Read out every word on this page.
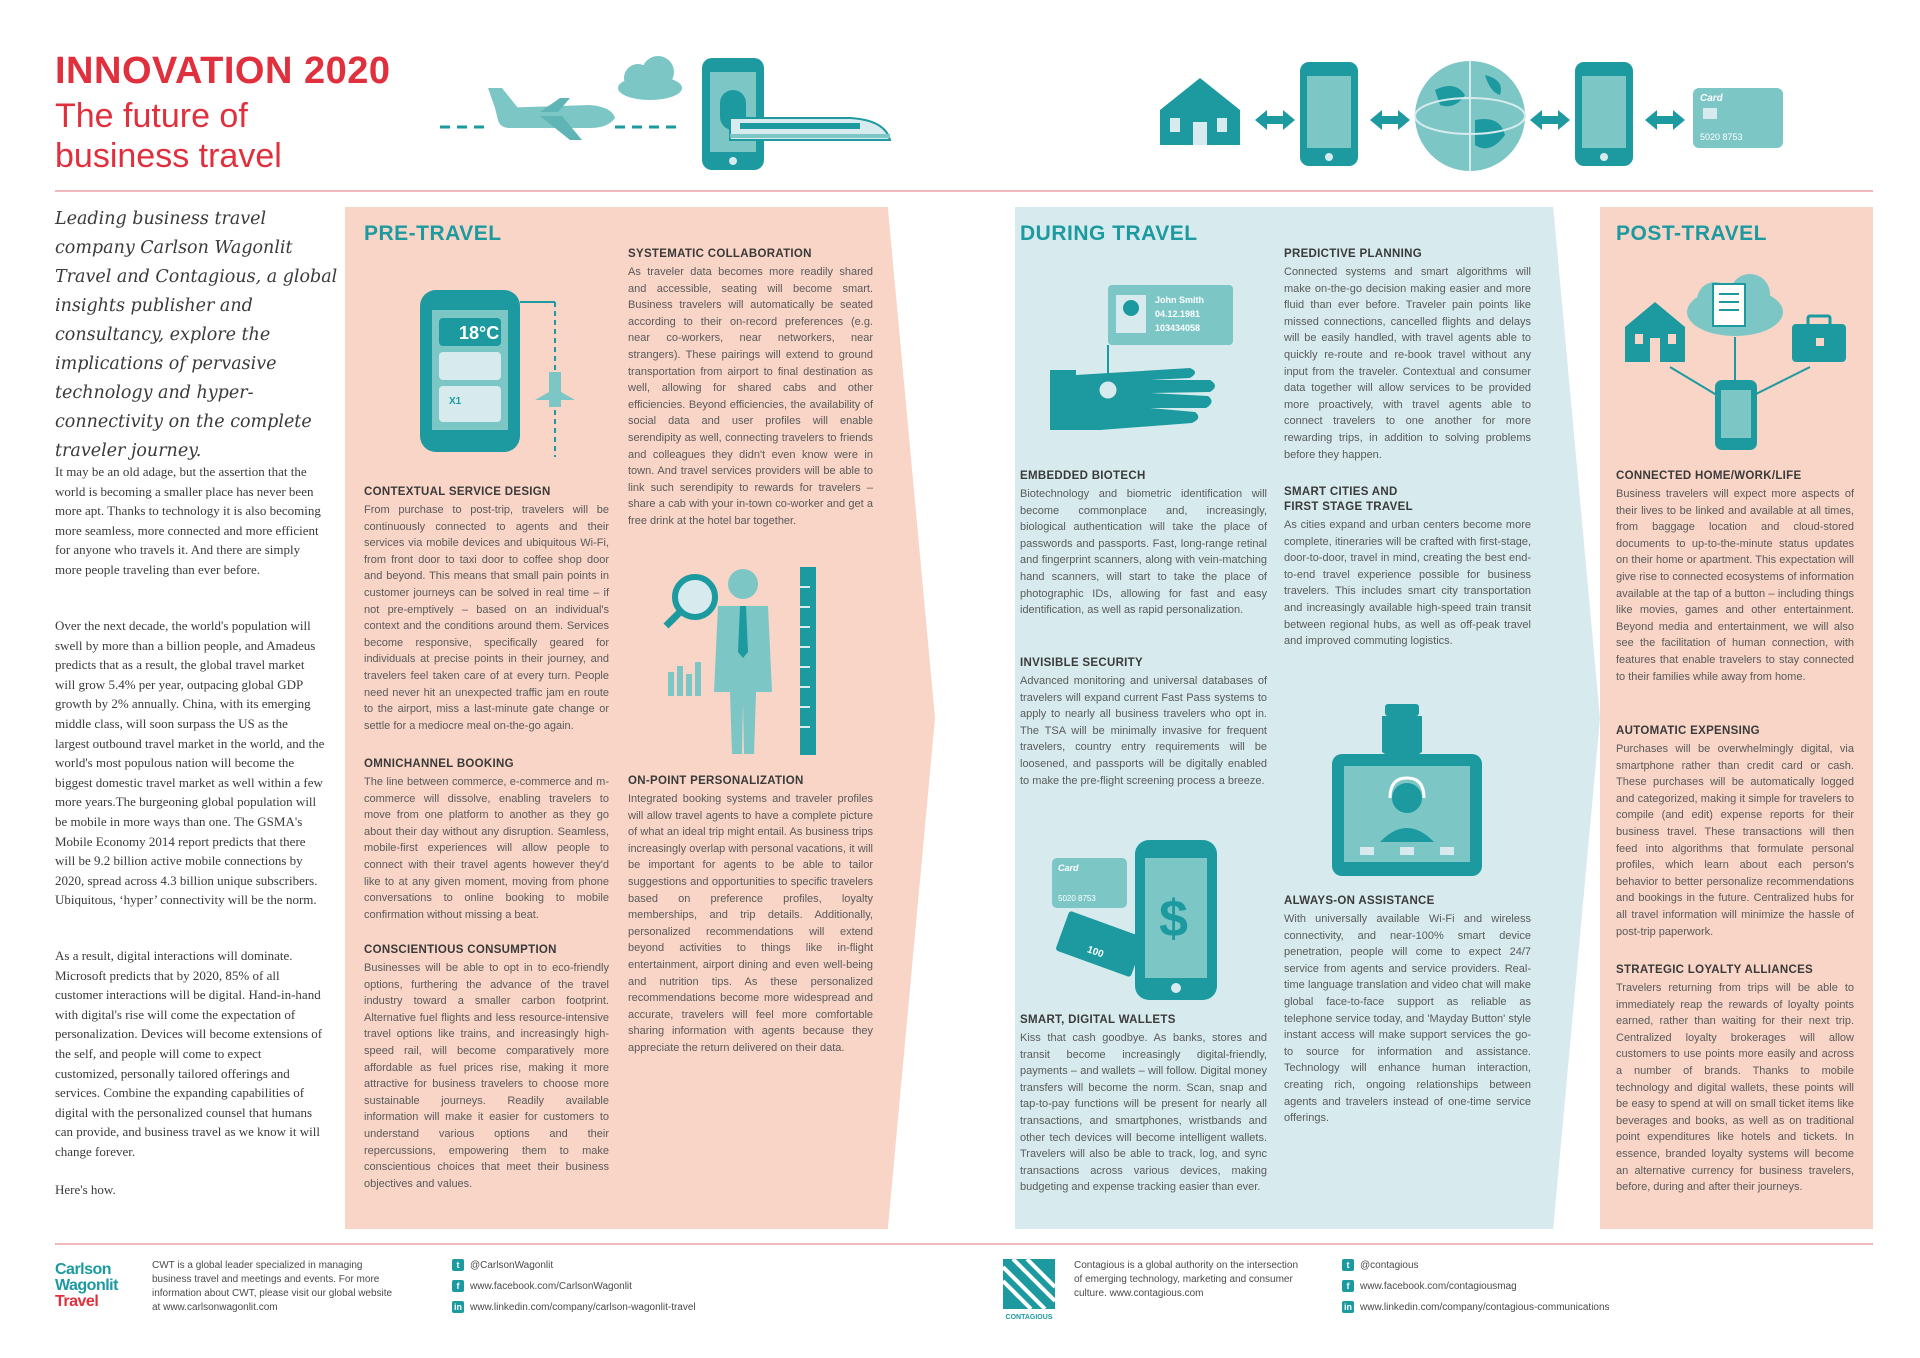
INNOVATION 2020
The future of business travel
Card
5020 8753
Leading business travel company Carlson Wagonlit Travel and Contagious, a global insights publisher and consultancy, explore the implications of pervasive technology and hyper-connectivity on the complete traveler journey.
It may be an old adage, but the assertion that the world is becoming a smaller place has never been more apt. Thanks to technology it is also becoming more seamless, more connected and more efficient for anyone who travels it. And there are simply more people traveling than ever before.
Over the next decade, the world's population will swell by more than a billion people, and Amadeus predicts that as a result, the global travel market will grow 5.4% per year, outpacing global GDP growth by 2% annually. China, with its emerging middle class, will soon surpass the US as the largest outbound travel market in the world, and the world's most populous nation will become the biggest domestic travel market as well within a few more years.The burgeoning global population will be mobile in more ways than one. The GSMA's Mobile Economy 2014 report predicts that there will be 9.2 billion active mobile connections by 2020, spread across 4.3 billion unique subscribers. Ubiquitous, ‘hyper’ connectivity will be the norm.
As a result, digital interactions will dominate. Microsoft predicts that by 2020, 85% of all customer interactions will be digital. Hand-in-hand with digital's rise will come the expectation of personalization. Devices will become extensions of the self, and people will come to expect customized, personally tailored offerings and services. Combine the expanding capabilities of digital with the personalized counsel that humans can provide, and business travel as we know it will change forever.
Here's how.
PRE-TRAVEL
18°C
X1
CONTEXTUAL SERVICE DESIGN

From purchase to post-trip, travelers will be continuously connected to agents and their services via mobile devices and ubiquitous Wi-Fi, from front door to taxi door to coffee shop door and beyond. This means that small pain points in customer journeys can be solved in real time – if not pre-emptively – based on an individual's context and the conditions around them. Services become responsive, specifically geared for individuals at precise points in their journey, and travelers feel taken care of at every turn. People need never hit an unexpected traffic jam en route to the airport, miss a last-minute gate change or settle for a mediocre meal on-the-go again.

OMNICHANNEL BOOKING

The line between commerce, e-commerce and m-commerce will dissolve, enabling travelers to move from one platform to another as they go about their day without any disruption. Seamless, mobile-first experiences will allow people to connect with their travel agents however they'd like to at any given moment, moving from phone conversations to online booking to mobile confirmation without missing a beat.

CONSCIENTIOUS CONSUMPTION

Businesses will be able to opt in to eco-friendly options, furthering the advance of the travel industry toward a smaller carbon footprint. Alternative fuel flights and less resource-intensive travel options like trains, and increasingly high-speed rail, will become comparatively more affordable as fuel prices rise, making it more attractive for business travelers to choose more sustainable journeys. Readily available information will make it easier for customers to understand various options and their repercussions, empowering them to make conscientious choices that meet their business objectives and values.

SYSTEMATIC COLLABORATION

As traveler data becomes more readily shared and accessible, seating will become smart. Business travelers will automatically be seated according to their on-record preferences (e.g. near co-workers, near networkers, near strangers). These pairings will extend to ground transportation from airport to final destination as well, allowing for shared cabs and other efficiencies. Beyond efficiencies, the availability of social data and user profiles will enable serendipity as well, connecting travelers to friends and colleagues they didn't even know were in town. And travel services providers will be able to link such serendipity to rewards for travelers – share a cab with your in-town co-worker and get a free drink at the hotel bar together.

ON-POINT PERSONALIZATION

Integrated booking systems and traveler profiles will allow travel agents to have a complete picture of what an ideal trip might entail. As business trips increasingly overlap with personal vacations, it will be important for agents to be able to tailor suggestions and opportunities to specific travelers based on preference profiles, loyalty memberships, and trip details. Additionally, personalized recommendations will extend beyond activities to things like in-flight entertainment, airport dining and even well-being and nutrition tips. As these personalized recommendations become more widespread and accurate, travelers will feel more comfortable sharing information with agents because they appreciate the return delivered on their data.

DURING TRAVEL
John Smith
04.12.1981
103434058
EMBEDDED BIOTECH

Biotechnology and biometric identification will become commonplace and, increasingly, biological authentication will take the place of passwords and passports. Fast, long-range retinal and fingerprint scanners, along with vein-matching hand scanners, will start to take the place of photographic IDs, allowing for fast and easy identification, as well as rapid personalization.

INVISIBLE SECURITY

Advanced monitoring and universal databases of travelers will expand current Fast Pass systems to apply to nearly all business travelers who opt in. The TSA will be minimally invasive for frequent travelers, country entry requirements will be loosened, and passports will be digitally enabled to make the pre-flight screening process a breeze.

Card
5020 8753
100
$
SMART, DIGITAL WALLETS

Kiss that cash goodbye. As banks, stores and transit become increasingly digital-friendly, payments – and wallets – will follow. Digital money transfers will become the norm. Scan, snap and tap-to-pay functions will be present for nearly all transactions, and smartphones, wristbands and other tech devices will become intelligent wallets. Travelers will also be able to track, log, and sync transactions across various devices, making budgeting and expense tracking easier than ever.

PREDICTIVE PLANNING

Connected systems and smart algorithms will make on-the-go decision making easier and more fluid than ever before. Traveler pain points like missed connections, cancelled flights and delays will be easily handled, with travel agents able to quickly re-route and re-book travel without any input from the traveler. Contextual and consumer data together will allow services to be provided more proactively, with travel agents able to connect travelers to one another for more rewarding trips, in addition to solving problems before they happen.

SMART CITIES AND FIRST STAGE TRAVEL

As cities expand and urban centers become more complete, itineraries will be crafted with first-stage, door-to-door, travel in mind, creating the best end-to-end travel experience possible for business travelers. This includes smart city transportation and increasingly available high-speed train transit between regional hubs, as well as off-peak travel and improved commuting logistics.

ALWAYS-ON ASSISTANCE

With universally available Wi-Fi and wireless connectivity, and near-100% smart device penetration, people will come to expect 24/7 service from agents and service providers. Real-time language translation and video chat will make global face-to-face support as reliable as telephone service today, and 'Mayday Button' style instant access will make support services the go-to source for information and assistance. Technology will enhance human interaction, creating rich, ongoing relationships between agents and travelers instead of one-time service offerings.

POST-TRAVEL
CONNECTED HOME/WORK/LIFE

Business travelers will expect more aspects of their lives to be linked and available at all times, from baggage location and cloud-stored documents to up-to-the-minute status updates on their home or apartment. This expectation will give rise to connected ecosystems of information available at the tap of a button – including things like movies, games and other entertainment. Beyond media and entertainment, we will also see the facilitation of human connection, with features that enable travelers to stay connected to their families while away from home.

AUTOMATIC EXPENSING

Purchases will be overwhelmingly digital, via smartphone rather than credit card or cash. These purchases will be automatically logged and categorized, making it simple for travelers to compile (and edit) expense reports for their business travel. These transactions will then feed into algorithms that formulate personal profiles, which learn about each person's behavior to better personalize recommendations and bookings in the future. Centralized hubs for all travel information will minimize the hassle of post-trip paperwork.

STRATEGIC LOYALTY ALLIANCES

Travelers returning from trips will be able to immediately reap the rewards of loyalty points earned, rather than waiting for their next trip. Centralized loyalty brokerages will allow customers to use points more easily and across a number of brands. Thanks to mobile technology and digital wallets, these points will be easy to spend at will on small ticket items like beverages and books, as well as on traditional point expenditures like hotels and tickets. In essence, branded loyalty systems will become an alternative currency for business travelers, before, during and after their journeys.

Carlson
Wagonlit
Travel
CWT is a global leader specialized in managing business travel and meetings and events. For more information about CWT, please visit our global website at www.carlsonwagonlit.com
t	@CarlsonWagonlit
f	www.facebook.com/CarlsonWagonlit
in www.linkedin.com/company/carlson-wagonlit-travel
CONTAGIOUS
Contagious is a global authority on the intersection of emerging technology, marketing and consumer culture. www.contagious.com
t	@contagious
f	www.facebook.com/contagiousmag
in www.linkedin.com/company/contagious-communications
